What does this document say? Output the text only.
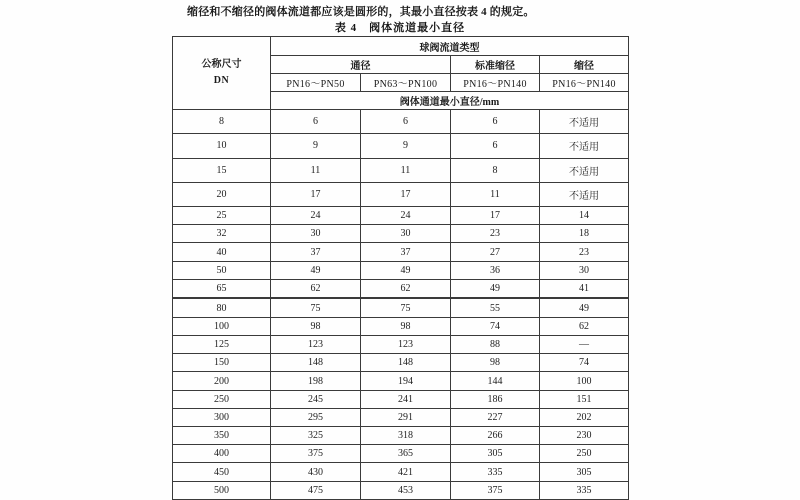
缩径和不缩径的阀体流道都应该是圆形的，其最小直径按表 4 的规定。
表 4　阀体流道最小直径
公称尺寸
DN	球阀流道类型			
	通径		标准缩径	缩径
	PN16～PN50	PN63～PN100	PN16～PN140	PN16～PN140
	阀体通道最小直径/mm			
8	6	6	6	不适用
10	9	9	6	不适用
15	11	11	8	不适用
20	17	17	11	不适用
25	24	24	17	14
32	30	30	23	18
40	37	37	27	23
50	49	49	36	30
65	62	62	49	41
80	75	75	55	49
100	98	98	74	62
125	123	123	88	—
150	148	148	98	74
200	198	194	144	100
250	245	241	186	151
300	295	291	227	202
350	325	318	266	230
400	375	365	305	250
450	430	421	335	305
500	475	453	375	335
